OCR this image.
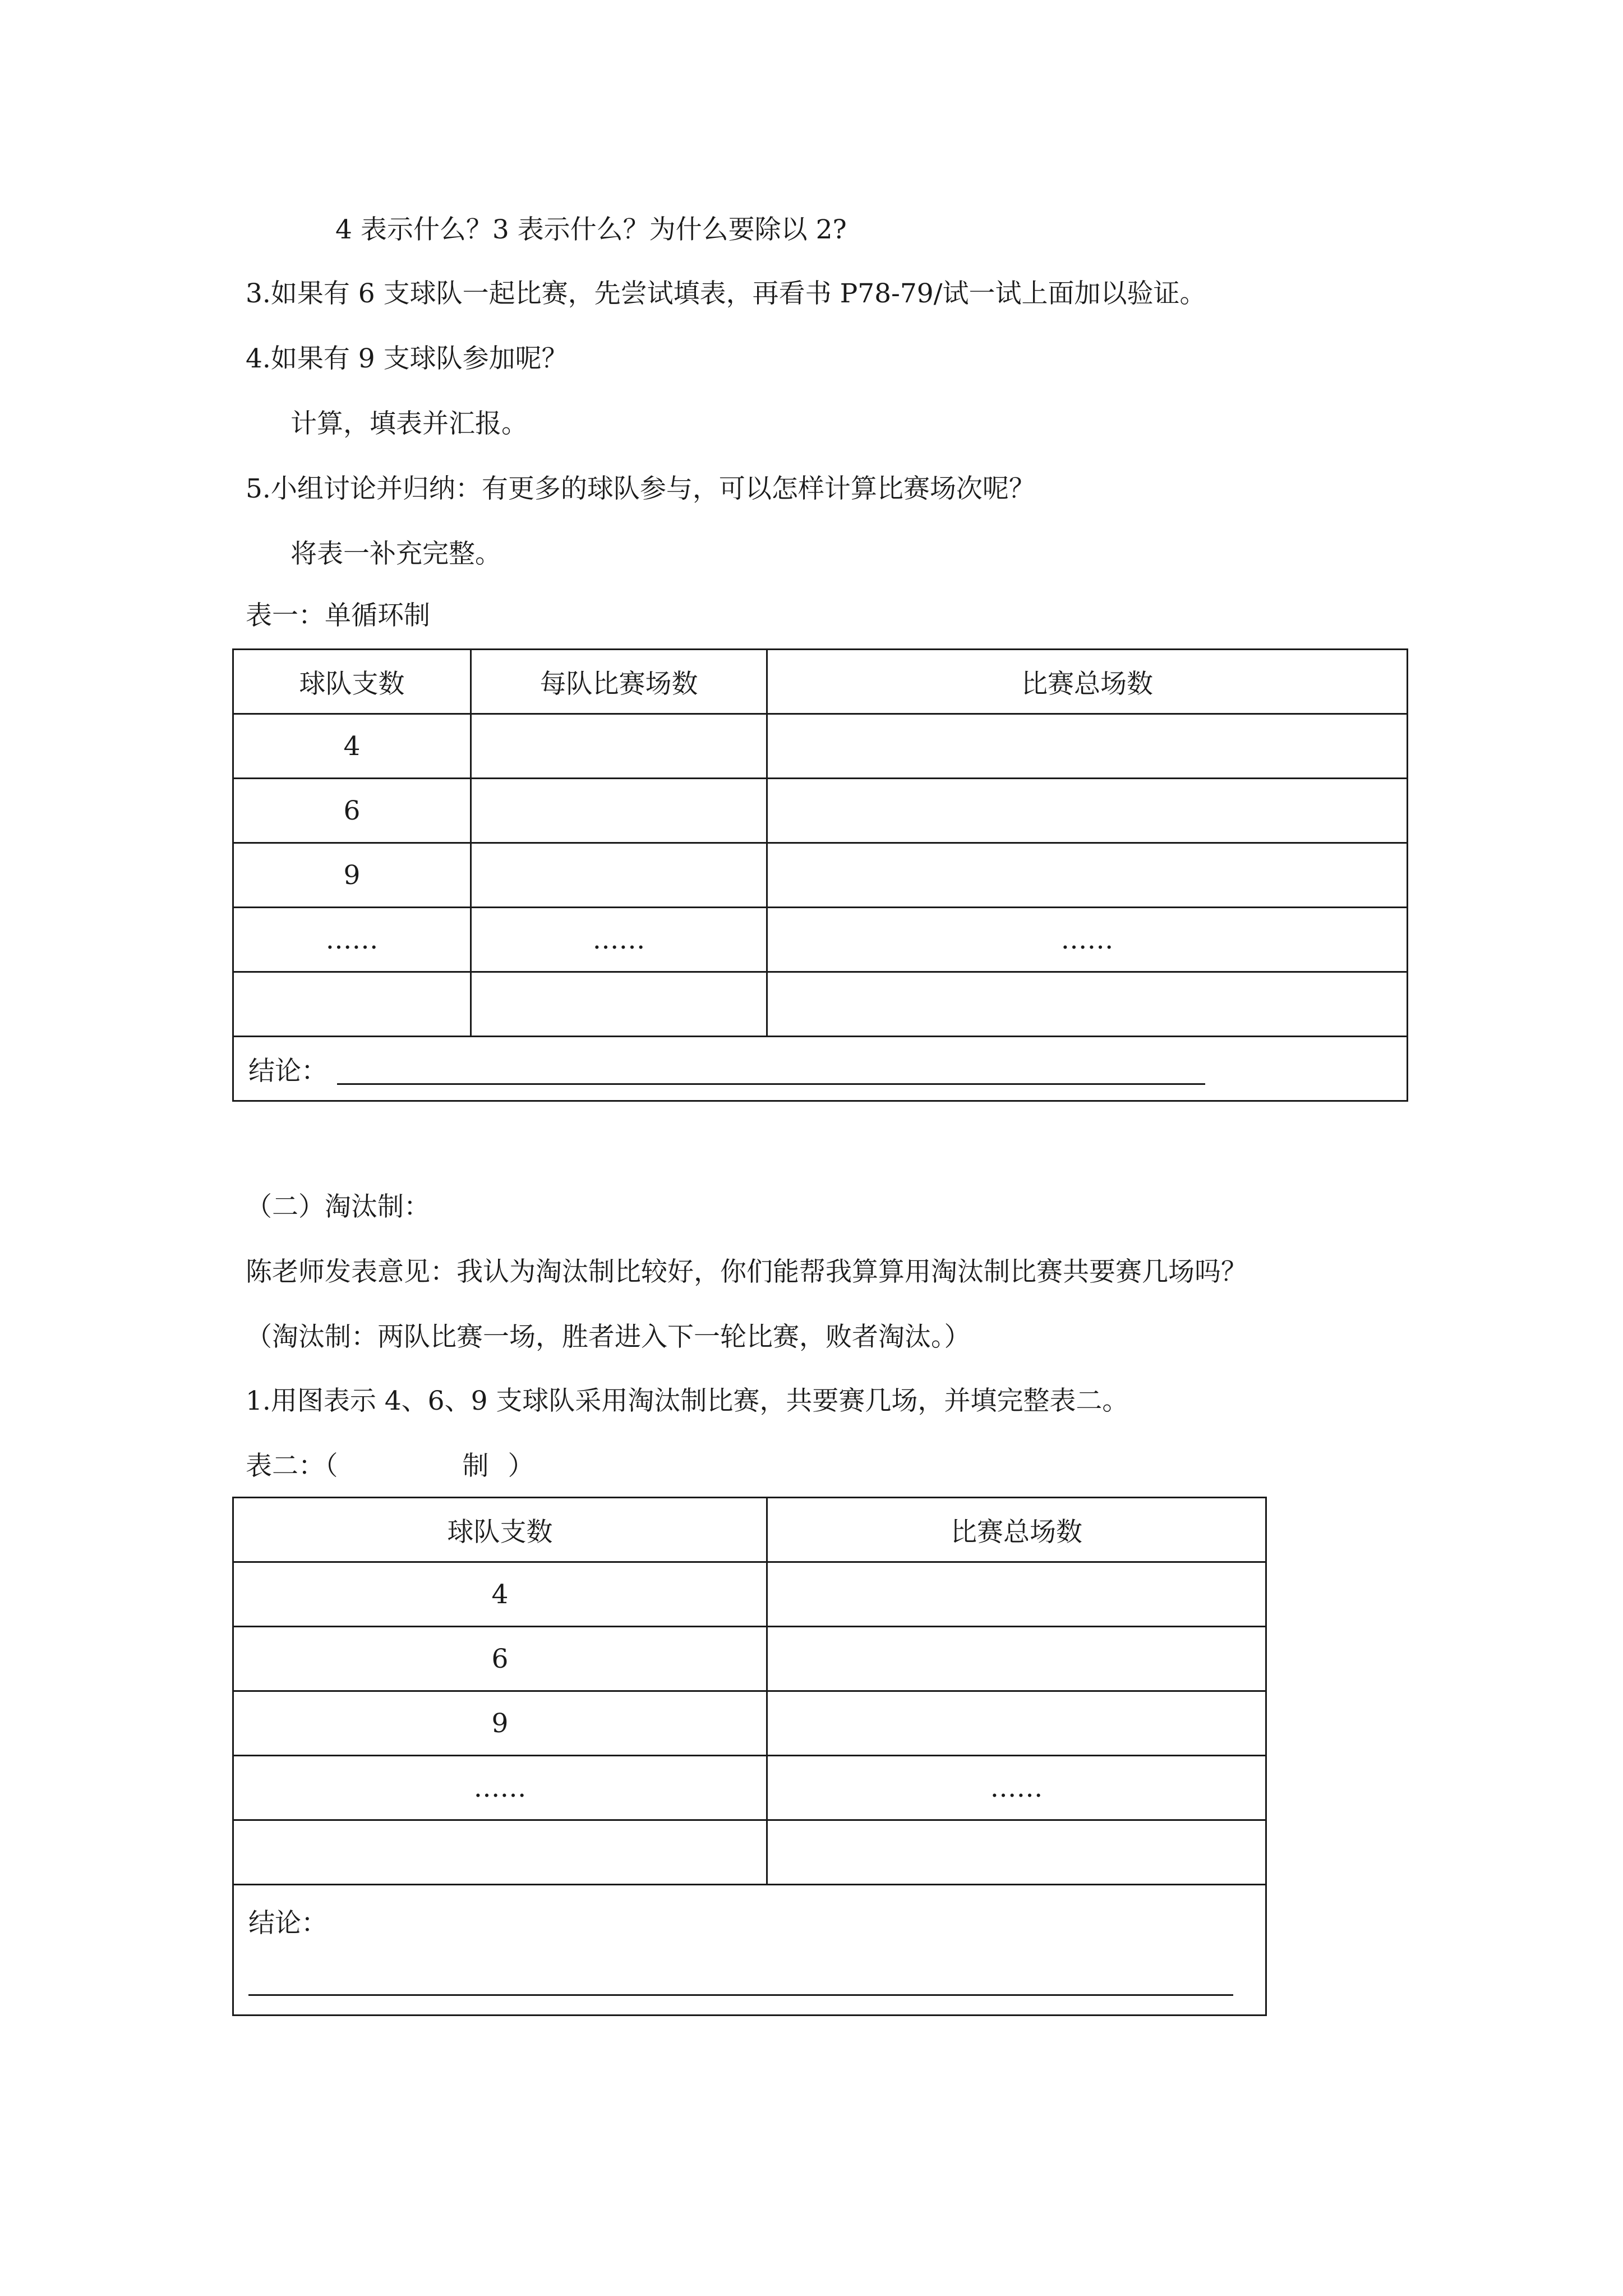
4 表示什么？3 表示什么？为什么要除以 2?
3.如果有 6 支球队一起比赛，先尝试填表，再看书 P78-79/试一试上面加以验证。
4.如果有 9 支球队参加呢？
计算，填表并汇报。
5.小组讨论并归纳：有更多的球队参与，可以怎样计算比赛场次呢？
将表一补充完整。
表一：单循环制
球队支数	每队比赛场数	比赛总场数
4		
6		
9		
……	……	……

结论：		
（二）淘汰制：
陈老师发表意见：我认为淘汰制比较好，你们能帮我算算用淘汰制比赛共要赛几场吗？
（淘汰制：两队比赛一场，胜者进入下一轮比赛，败者淘汰。）
1.用图表示 4、6、9 支球队采用淘汰制比赛，共要赛几场，并填完整表二。
表二：（	制 ）
球队支数	比赛总场数
4	
6	
9	
……	……

结论：	
